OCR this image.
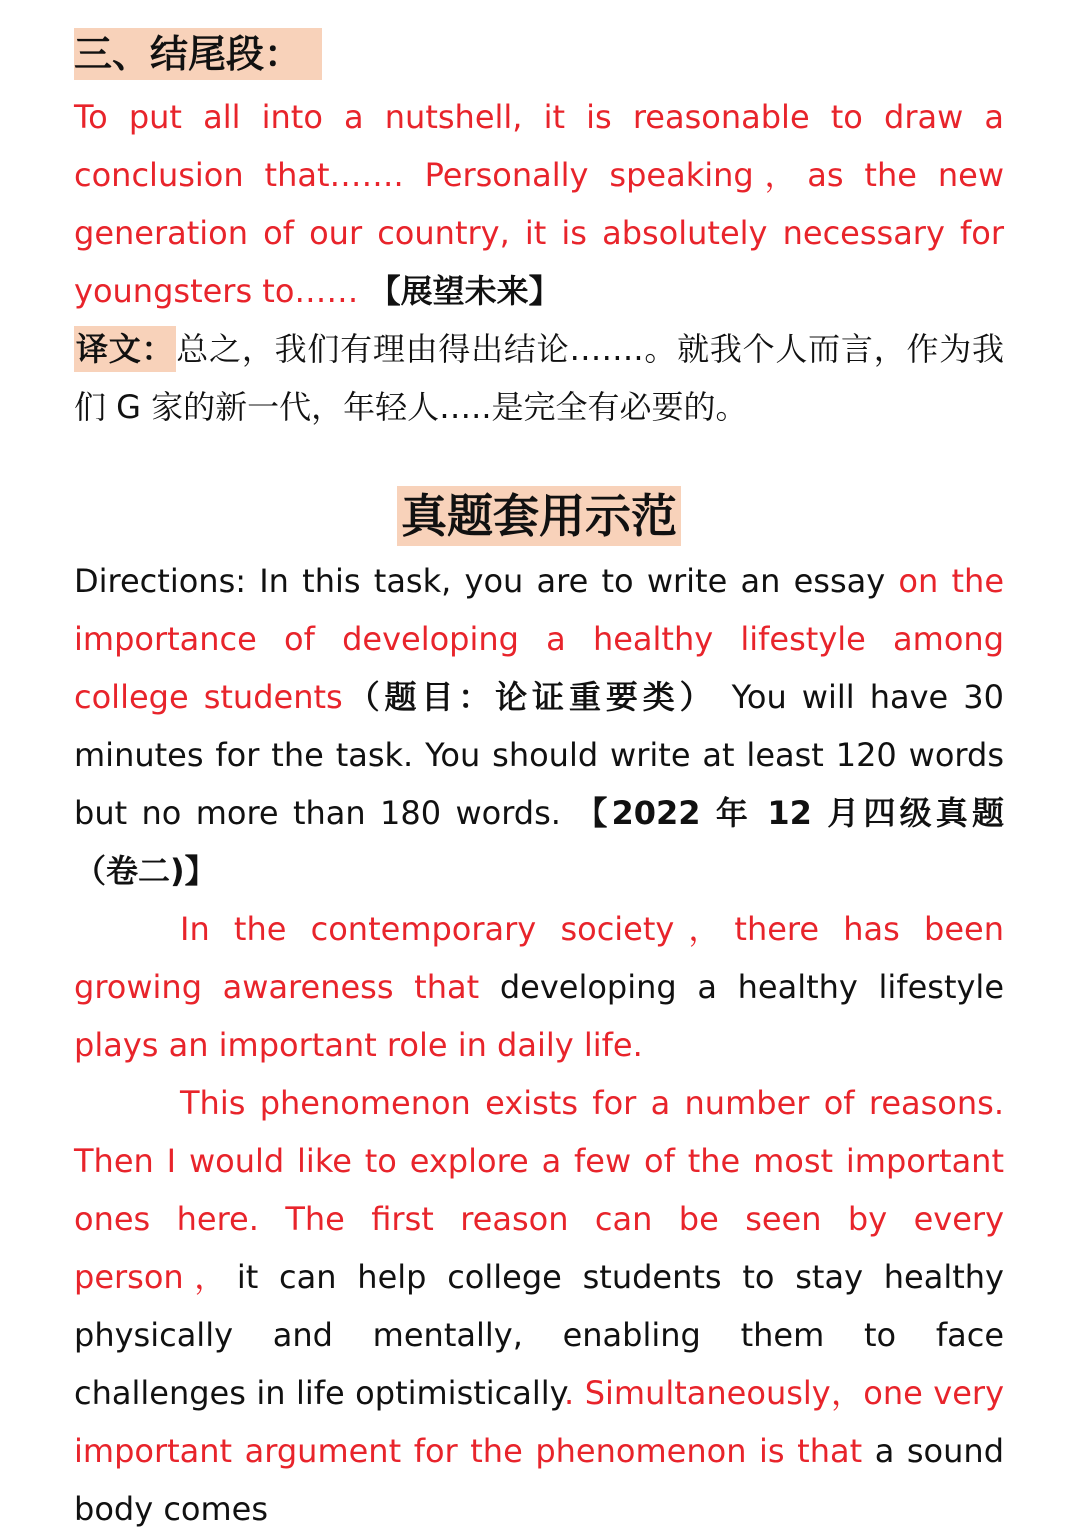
三、结尾段：

To put all into a nutshell, it is reasonable to draw a conclusion that……. Personally speaking，as the new generation of our country, it is absolutely necessary for youngsters to…… 【展望未来】

译文：总之，我们有理由得出结论…….。就我个人而言，作为我们 G 家的新一代，年轻人…..是完全有必要的。

真题套用示范

Directions: In this task, you are to write an essay on the importance of developing a healthy lifestyle among college students（题目：论证重要类） You will have 30 minutes for the task. You should write at least 120 words but no more than 180 words. 【2022 年 12 月四级真题（卷二)】

In the contemporary society，there has been growing awareness that developing a healthy lifestyle plays an important role in daily life.

This phenomenon exists for a number of reasons. Then I would like to explore a few of the most important ones here. The first reason can be seen by every person，it can help college students to stay healthy physically and mentally, enabling them to face challenges in life optimistically. Simultaneously，one very important argument for the phenomenon is that a sound body comes
